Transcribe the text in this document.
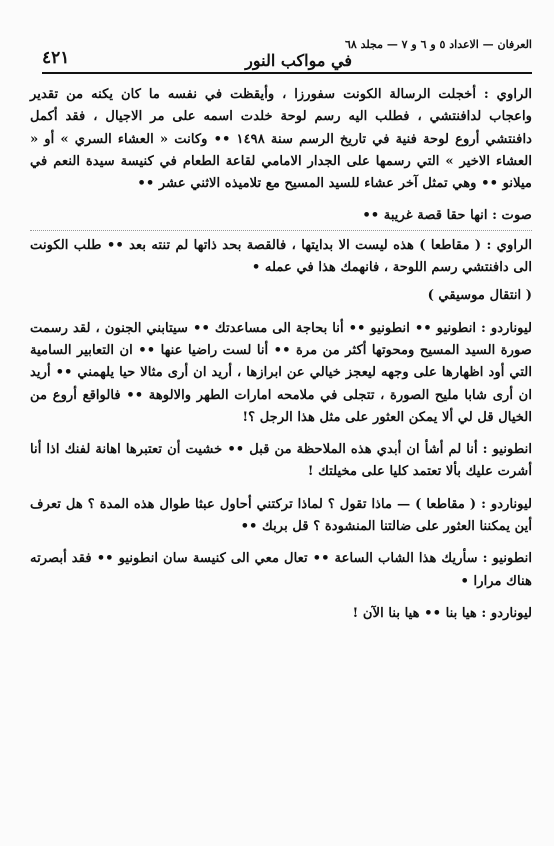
العرفان — الاعداد ٥ و ٦ و ٧ — مجلد ٦٨
في مواكب النور
٤٢١

الراوي : أخجلت الرسالة الكونت سفورزا ، وأيقظت في نفسه ما كان يكنه من تقدير واعجاب لدافنتشي ، فطلب اليه رسم لوحة خلدت اسمه على مر الاجيال ، فقد أكمل دافنتشي أروع لوحة فنية في تاريخ الرسم سنة ١٤٩٨ •• وكانت « العشاء السري » أو « العشاء الاخير » التي رسمها على الجدار الامامي لقاعة الطعام في كنيسة سيدة النعم في ميلانو •• وهي تمثل آخر عشاء للسيد المسيح مع تلاميذه الاثني عشر ••

صوت : انها حقا قصة غريبة ••

الراوي : ( مقاطعا ) هذه ليست الا بدايتها ، فالقصة بحد ذاتها لم تنته بعد •• طلب الكونت الى دافنتشي رسم اللوحة ، فانهمك هذا في عمله •

( انتقال موسيقي )

ليوناردو : انطونيو •• انطونيو •• أنا بحاجة الى مساعدتك •• سيتابني الجنون ، لقد رسمت صورة السيد المسيح ومحوتها أكثر من مرة •• أنا لست راضيا عنها •• ان التعابير السامية التي أود اظهارها على وجهه ليعجز خيالي عن ابرازها ، أريد ان أرى مثالا حيا يلهمني •• أريد ان أرى شابا مليح الصورة ، تتجلى في ملامحه امارات الطهر والالوهة •• فالواقع أروع من الخيال قل لي ألا يمكن العثور على مثل هذا الرجل ؟!

انطونيو : أنا لم أشأ ان أبدي هذه الملاحظة من قبل •• خشيت أن تعتبرها اهانة لفنك اذا أنا أشرت عليك بألا تعتمد كليا على مخيلتك !

ليوناردو : ( مقاطعا ) — ماذا تقول ؟ لماذا تركتني أحاول عبثا طوال هذه المدة ؟ هل تعرف أين يمكننا العثور على ضالتنا المنشودة ؟ قل بربك ••

انطونيو : سأريك هذا الشاب الساعة •• تعال معي الى كنيسة سان انطونيو •• فقد أبصرته هناك مرارا •

ليوناردو : هيا بنا •• هيا بنا الآن !
